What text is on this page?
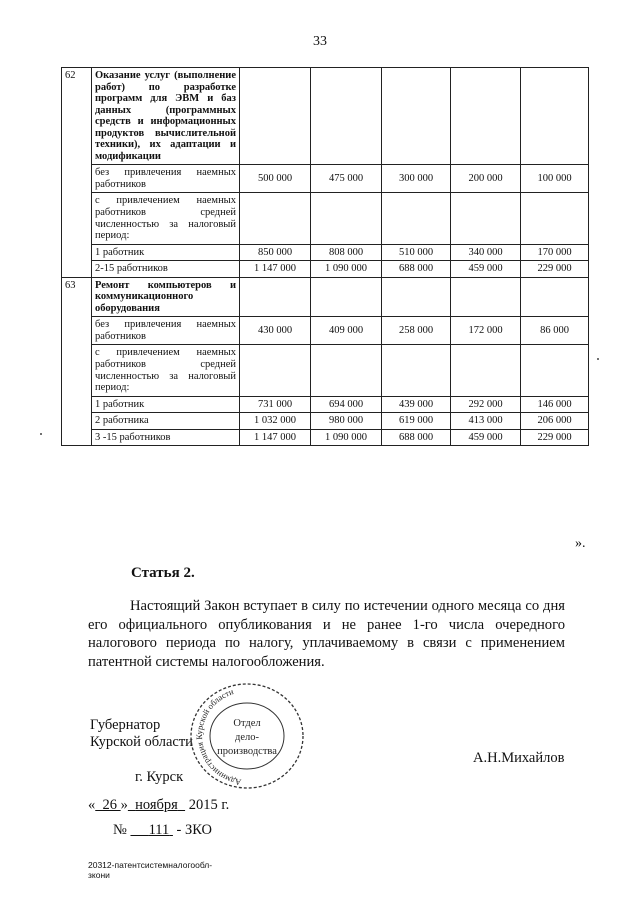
33
62	Оказание услуг (выполнение работ) по разработке программ для ЭВМ и баз данных (программных средств и информационных продуктов вычислительной техники), их адаптации и модификации					
	без привлечения наемных работников	500 000	475 000	300 000	200 000	100 000
	с привлечением наемных работников средней численностью за налоговый период:					
	1 работник	850 000	808 000	510 000	340 000	170 000
	2-15 работников	1 147 000	1 090 000	688 000	459 000	229 000
63	Ремонт компьютеров и коммуникационного оборудования					
	без привлечения наемных работников	430 000	409 000	258 000	172 000	86 000
	с привлечением наемных работников средней численностью за налоговый период:					
	1 работник	731 000	694 000	439 000	292 000	146 000
	2 работника	1 032 000	980 000	619 000	413 000	206 000
	3 -15 работников	1 147 000	1 090 000	688 000	459 000	229 000
».
Статья 2.
Настоящий Закон вступает в силу по истечении одного месяца со дня его официального опубликования и не ранее 1-го числа очередного налогового периода по налогу, уплачиваемому в связи с применением патентной системы налогообложения.
Губернатор
Курской области
Администрация Курской области
Отдел
дело-
производства	А.Н.Михайлов
г. Курск
« 26 » ноября 2015 г.
№ 111 - ЗКО
20312-патентсистемналогообл-зкони
